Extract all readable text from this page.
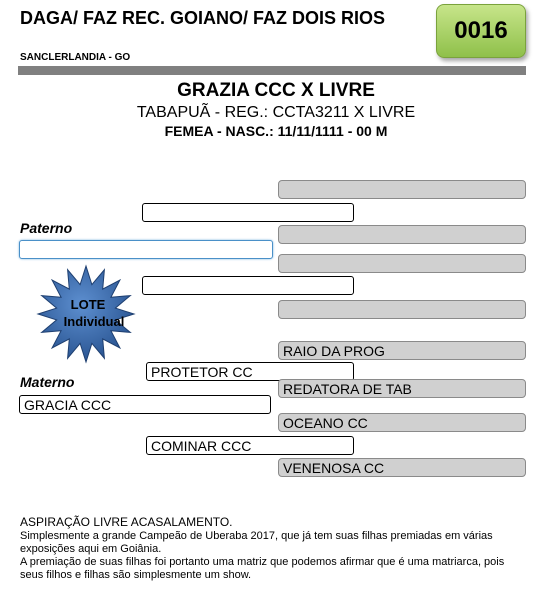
DAGA/ FAZ REC. GOIANO/ FAZ DOIS RIOS	0016
SANCLERLANDIA - GO
GRAZIA CCC X LIVRE
TABAPUÃ - REG.: CCTA3211 X LIVRE
FEMEA - NASC.: 11/11/1111 - 00 M
Paterno
LOTE
Individual
RAIO DA PROG
PROTETOR CC
Materno	REDATORA DE TAB
GRACIA CCC
OCEANO CC
COMINAR CCC
VENENOSA CC
ASPIRAÇÃO LIVRE ACASALAMENTO.

Simplesmente a grande Campeão de Uberaba 2017, que já tem suas filhas premiadas em várias exposições aqui em Goiânia.

A premiação de suas filhas foi portanto uma matriz que podemos afirmar que é uma matriarca, pois seus filhos e filhas são simplesmente um show.
